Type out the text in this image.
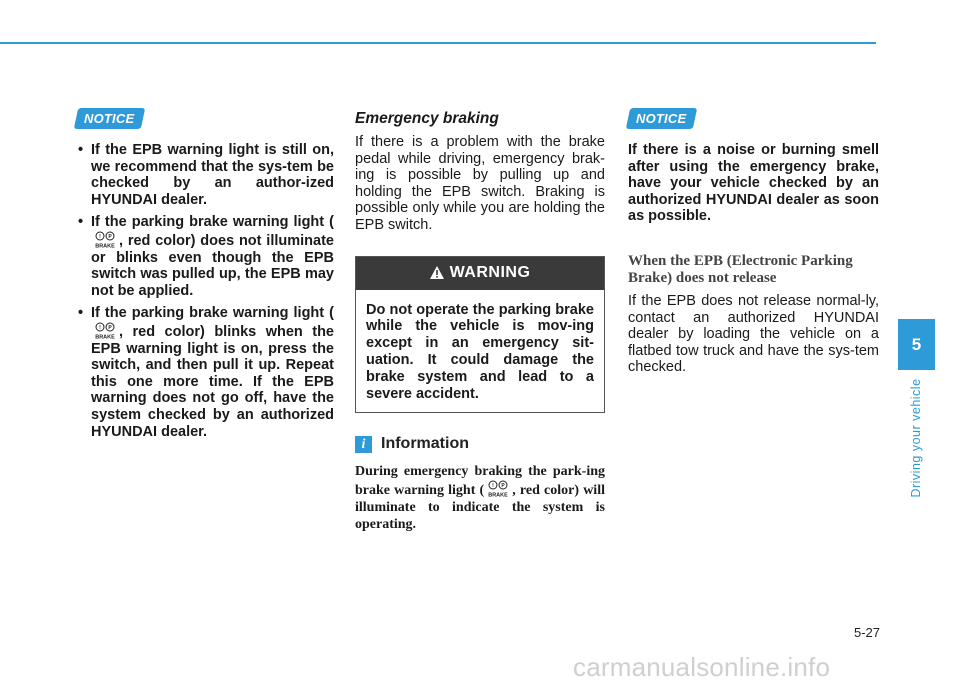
NOTICE
• If the EPB warning light is still on, we recommend that the sys-tem be checked by an author-ized HYUNDAI dealer.
• If the parking brake warning light (
! P
BRAKE , red color) does not illuminate or blinks even though the EPB switch was pulled up, the EPB may not be applied.
• If the parking brake warning light (
! P
BRAKE , red color) blinks when the EPB warning light is on, press the switch, and then pull it up. Repeat this one more time. If the EPB warning does not go off, have the system checked by an authorized HYUNDAI dealer.
Emergency braking

If there is a problem with the brake pedal while driving, emergency brak-ing is possible by pulling up and holding the EPB switch. Braking is possible only while you are holding the EPB switch.

WARNING
Do not operate the parking brake while the vehicle is mov-ing except in an emergency sit-uation. It could damage the brake system and lead to a severe accident.
i Information

During emergency braking the park-ing brake warning light ( ! P
BRAKE , red color) will illuminate to indicate the system is operating.

NOTICE

If there is a noise or burning smell after using the emergency brake, have your vehicle checked by an authorized HYUNDAI dealer as soon as possible.

When the EPB (Electronic Parking Brake) does not release

If the EPB does not release normal-ly, contact an authorized HYUNDAI dealer by loading the vehicle on a flatbed tow truck and have the sys-tem checked.

5
Driving your vehicle
5-27
carmanualsonline.info
